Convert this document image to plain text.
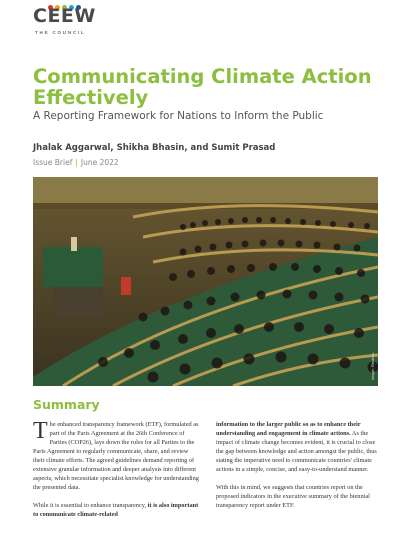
CEEW
THE COUNCIL
Communicating Climate Action Effectively
A Reporting Framework for Nations to Inform the Public
Jhalak Aggarwal, Shikha Bhasin, and Sumit Prasad
Issue Brief | June 2022
Image: Reuters
Summary

The enhanced transparency framework (ETF), formulated as part of the Paris Agreement at the 26th Conference of Parties (COP26), lays down the rules for all Parties to the Paris Agreement to regularly communicate, share, and review their climate efforts. The agreed guidelines demand reporting of extensive granular information and deeper analysis into different aspects, which necessitate specialist knowledge for understanding the presented data.

While it is essential to enhance transparency, it is also important to communicate climate-related

information to the larger public so as to enhance their understanding and engagement in climate actions. As the impact of climate change becomes evident, it is crucial to close the gap between knowledge and action amongst the public, thus stating the imperative need to communicate countries' climate actions in a simple, concise, and easy-to-understand manner.

With this in mind, we suggests that countries report on the proposed indicators in the executive summary of the biennial transparency report under ETF.
